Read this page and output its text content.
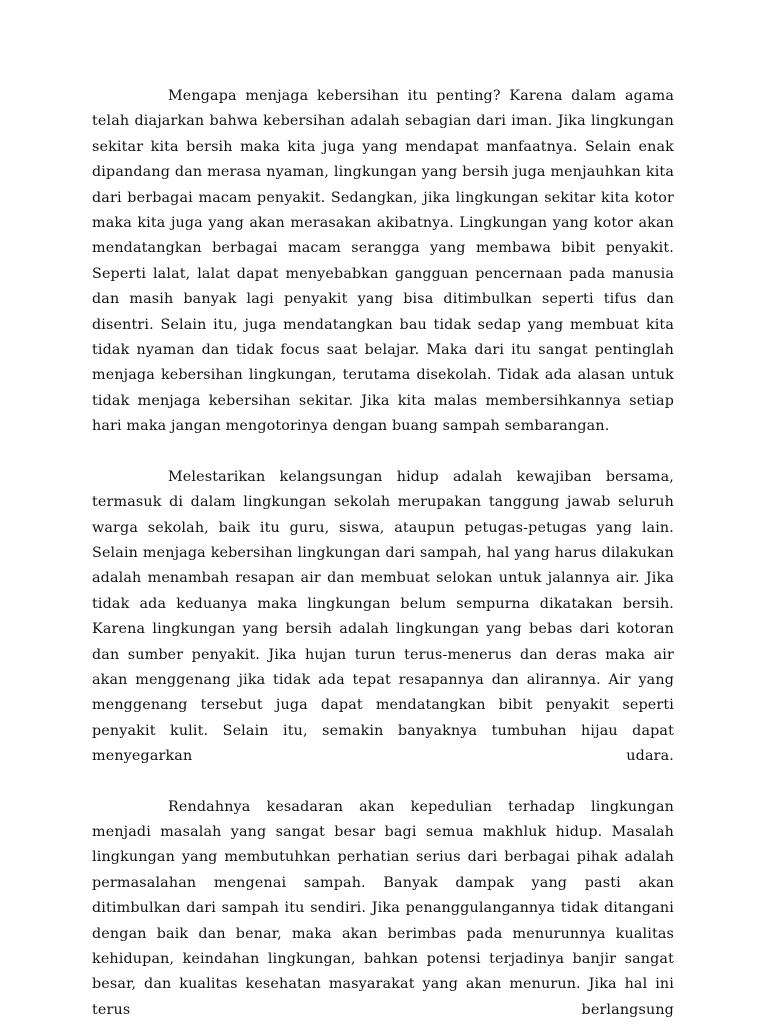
Mengapa menjaga kebersihan itu penting? Karena dalam agama telah diajarkan bahwa kebersihan adalah sebagian dari iman. Jika lingkungan sekitar kita bersih maka kita juga yang mendapat manfaatnya. Selain enak dipandang dan merasa nyaman, lingkungan yang bersih juga menjauhkan kita dari berbagai macam penyakit. Sedangkan, jika lingkungan sekitar kita kotor maka kita juga yang akan merasakan akibatnya. Lingkungan yang kotor akan mendatangkan berbagai macam serangga yang membawa bibit penyakit. Seperti lalat, lalat dapat menyebabkan gangguan pencernaan pada manusia dan masih banyak lagi penyakit yang bisa ditimbulkan seperti tifus dan disentri. Selain itu, juga mendatangkan bau tidak sedap yang membuat kita tidak nyaman dan tidak focus saat belajar. Maka dari itu sangat pentinglah menjaga kebersihan lingkungan, terutama disekolah. Tidak ada alasan untuk tidak menjaga kebersihan sekitar. Jika kita malas membersihkannya setiap hari maka jangan mengotorinya dengan buang sampah sembarangan.

Melestarikan kelangsungan hidup adalah kewajiban bersama, termasuk di dalam lingkungan sekolah merupakan tanggung jawab seluruh warga sekolah, baik itu guru, siswa, ataupun petugas-petugas yang lain. Selain menjaga kebersihan lingkungan dari sampah, hal yang harus dilakukan adalah menambah resapan air dan membuat selokan untuk jalannya air. Jika tidak ada keduanya maka lingkungan belum sempurna dikatakan bersih. Karena lingkungan yang bersih adalah lingkungan yang bebas dari kotoran dan sumber penyakit. Jika hujan turun terus-menerus dan deras maka air akan menggenang jika tidak ada tepat resapannya dan alirannya. Air yang menggenang tersebut juga dapat mendatangkan bibit penyakit seperti penyakit kulit. Selain itu, semakin banyaknya tumbuhan hijau dapat menyegarkan udara.

Rendahnya kesadaran akan kepedulian terhadap lingkungan menjadi masalah yang sangat besar bagi semua makhluk hidup. Masalah lingkungan yang membutuhkan perhatian serius dari berbagai pihak adalah permasalahan mengenai sampah. Banyak dampak yang pasti akan ditimbulkan dari sampah itu sendiri. Jika penanggulangannya tidak ditangani dengan baik dan benar, maka akan berimbas pada menurunnya kualitas kehidupan, keindahan lingkungan, bahkan potensi terjadinya banjir sangat besar, dan kualitas kesehatan masyarakat yang akan menurun. Jika hal ini terus berlangsung
